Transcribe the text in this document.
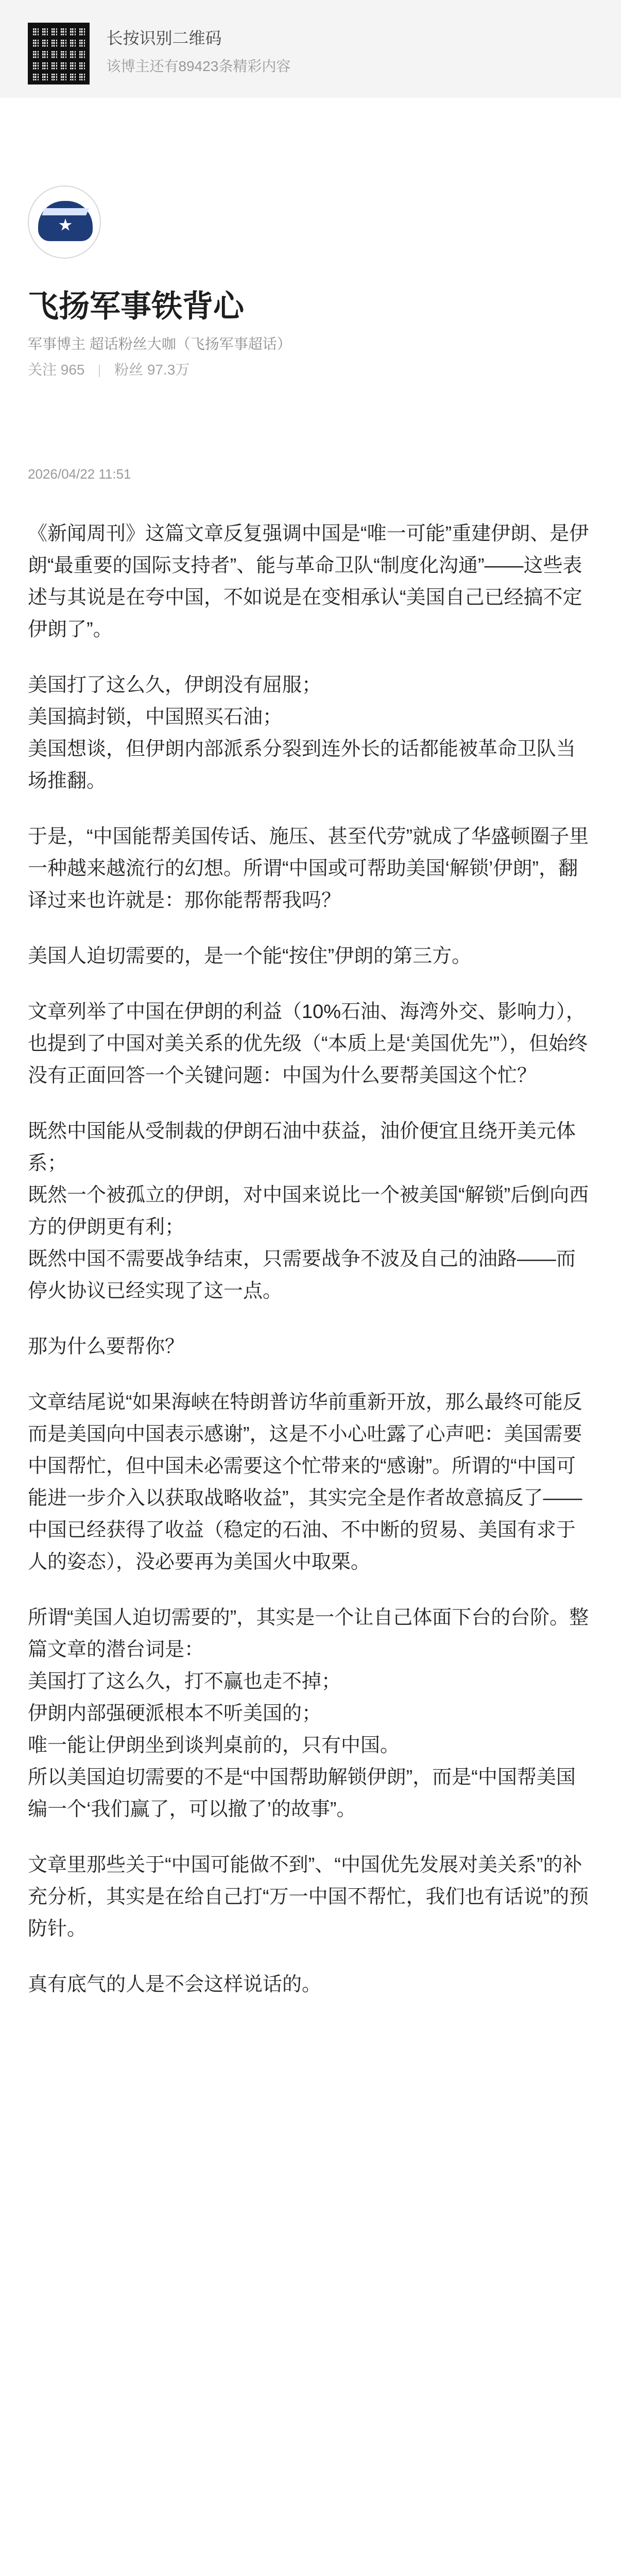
长按识别二维码
该博主还有89423条精彩内容
飞扬军事铁背心
军事博主 超话粉丝大咖（飞扬军事超话）
关注 965 粉丝 97.3万
2026/04/22 11:51

《新闻周刊》这篇文章反复强调中国是“唯一可能”重建伊朗、是伊朗“最重要的国际支持者”、能与革命卫队“制度化沟通”——这些表述与其说是在夸中国，不如说是在变相承认“美国自己已经搞不定伊朗了”。

美国打了这么久，伊朗没有屈服；
美国搞封锁，中国照买石油；
美国想谈，但伊朗内部派系分裂到连外长的话都能被革命卫队当场推翻。

于是，“中国能帮美国传话、施压、甚至代劳”就成了华盛顿圈子里一种越来越流行的幻想。所谓“中国或可帮助美国‘解锁’伊朗”，翻译过来也许就是：那你能帮帮我吗？

美国人迫切需要的，是一个能“按住”伊朗的第三方。

文章列举了中国在伊朗的利益（10%石油、海湾外交、影响力），也提到了中国对美关系的优先级（“本质上是‘美国优先’”），但始终没有正面回答一个关键问题：中国为什么要帮美国这个忙？

既然中国能从受制裁的伊朗石油中获益，油价便宜且绕开美元体系；
既然一个被孤立的伊朗，对中国来说比一个被美国“解锁”后倒向西方的伊朗更有利；
既然中国不需要战争结束，只需要战争不波及自己的油路——而停火协议已经实现了这一点。

那为什么要帮你？

文章结尾说“如果海峡在特朗普访华前重新开放，那么最终可能反而是美国向中国表示感谢”，这是不小心吐露了心声吧：美国需要中国帮忙，但中国未必需要这个忙带来的“感谢”。所谓的“中国可能进一步介入以获取战略收益”，其实完全是作者故意搞反了——中国已经获得了收益（稳定的石油、不中断的贸易、美国有求于人的姿态），没必要再为美国火中取栗。

所谓“美国人迫切需要的”，其实是一个让自己体面下台的台阶。整篇文章的潜台词是：
美国打了这么久，打不赢也走不掉；
伊朗内部强硬派根本不听美国的；
唯一能让伊朗坐到谈判桌前的，只有中国。
所以美国迫切需要的不是“中国帮助解锁伊朗”，而是“中国帮美国编一个‘我们赢了，可以撤了’的故事”。

文章里那些关于“中国可能做不到”、“中国优先发展对美关系”的补充分析，其实是在给自己打“万一中国不帮忙，我们也有话说”的预防针。

真有底气的人是不会这样说话的。
